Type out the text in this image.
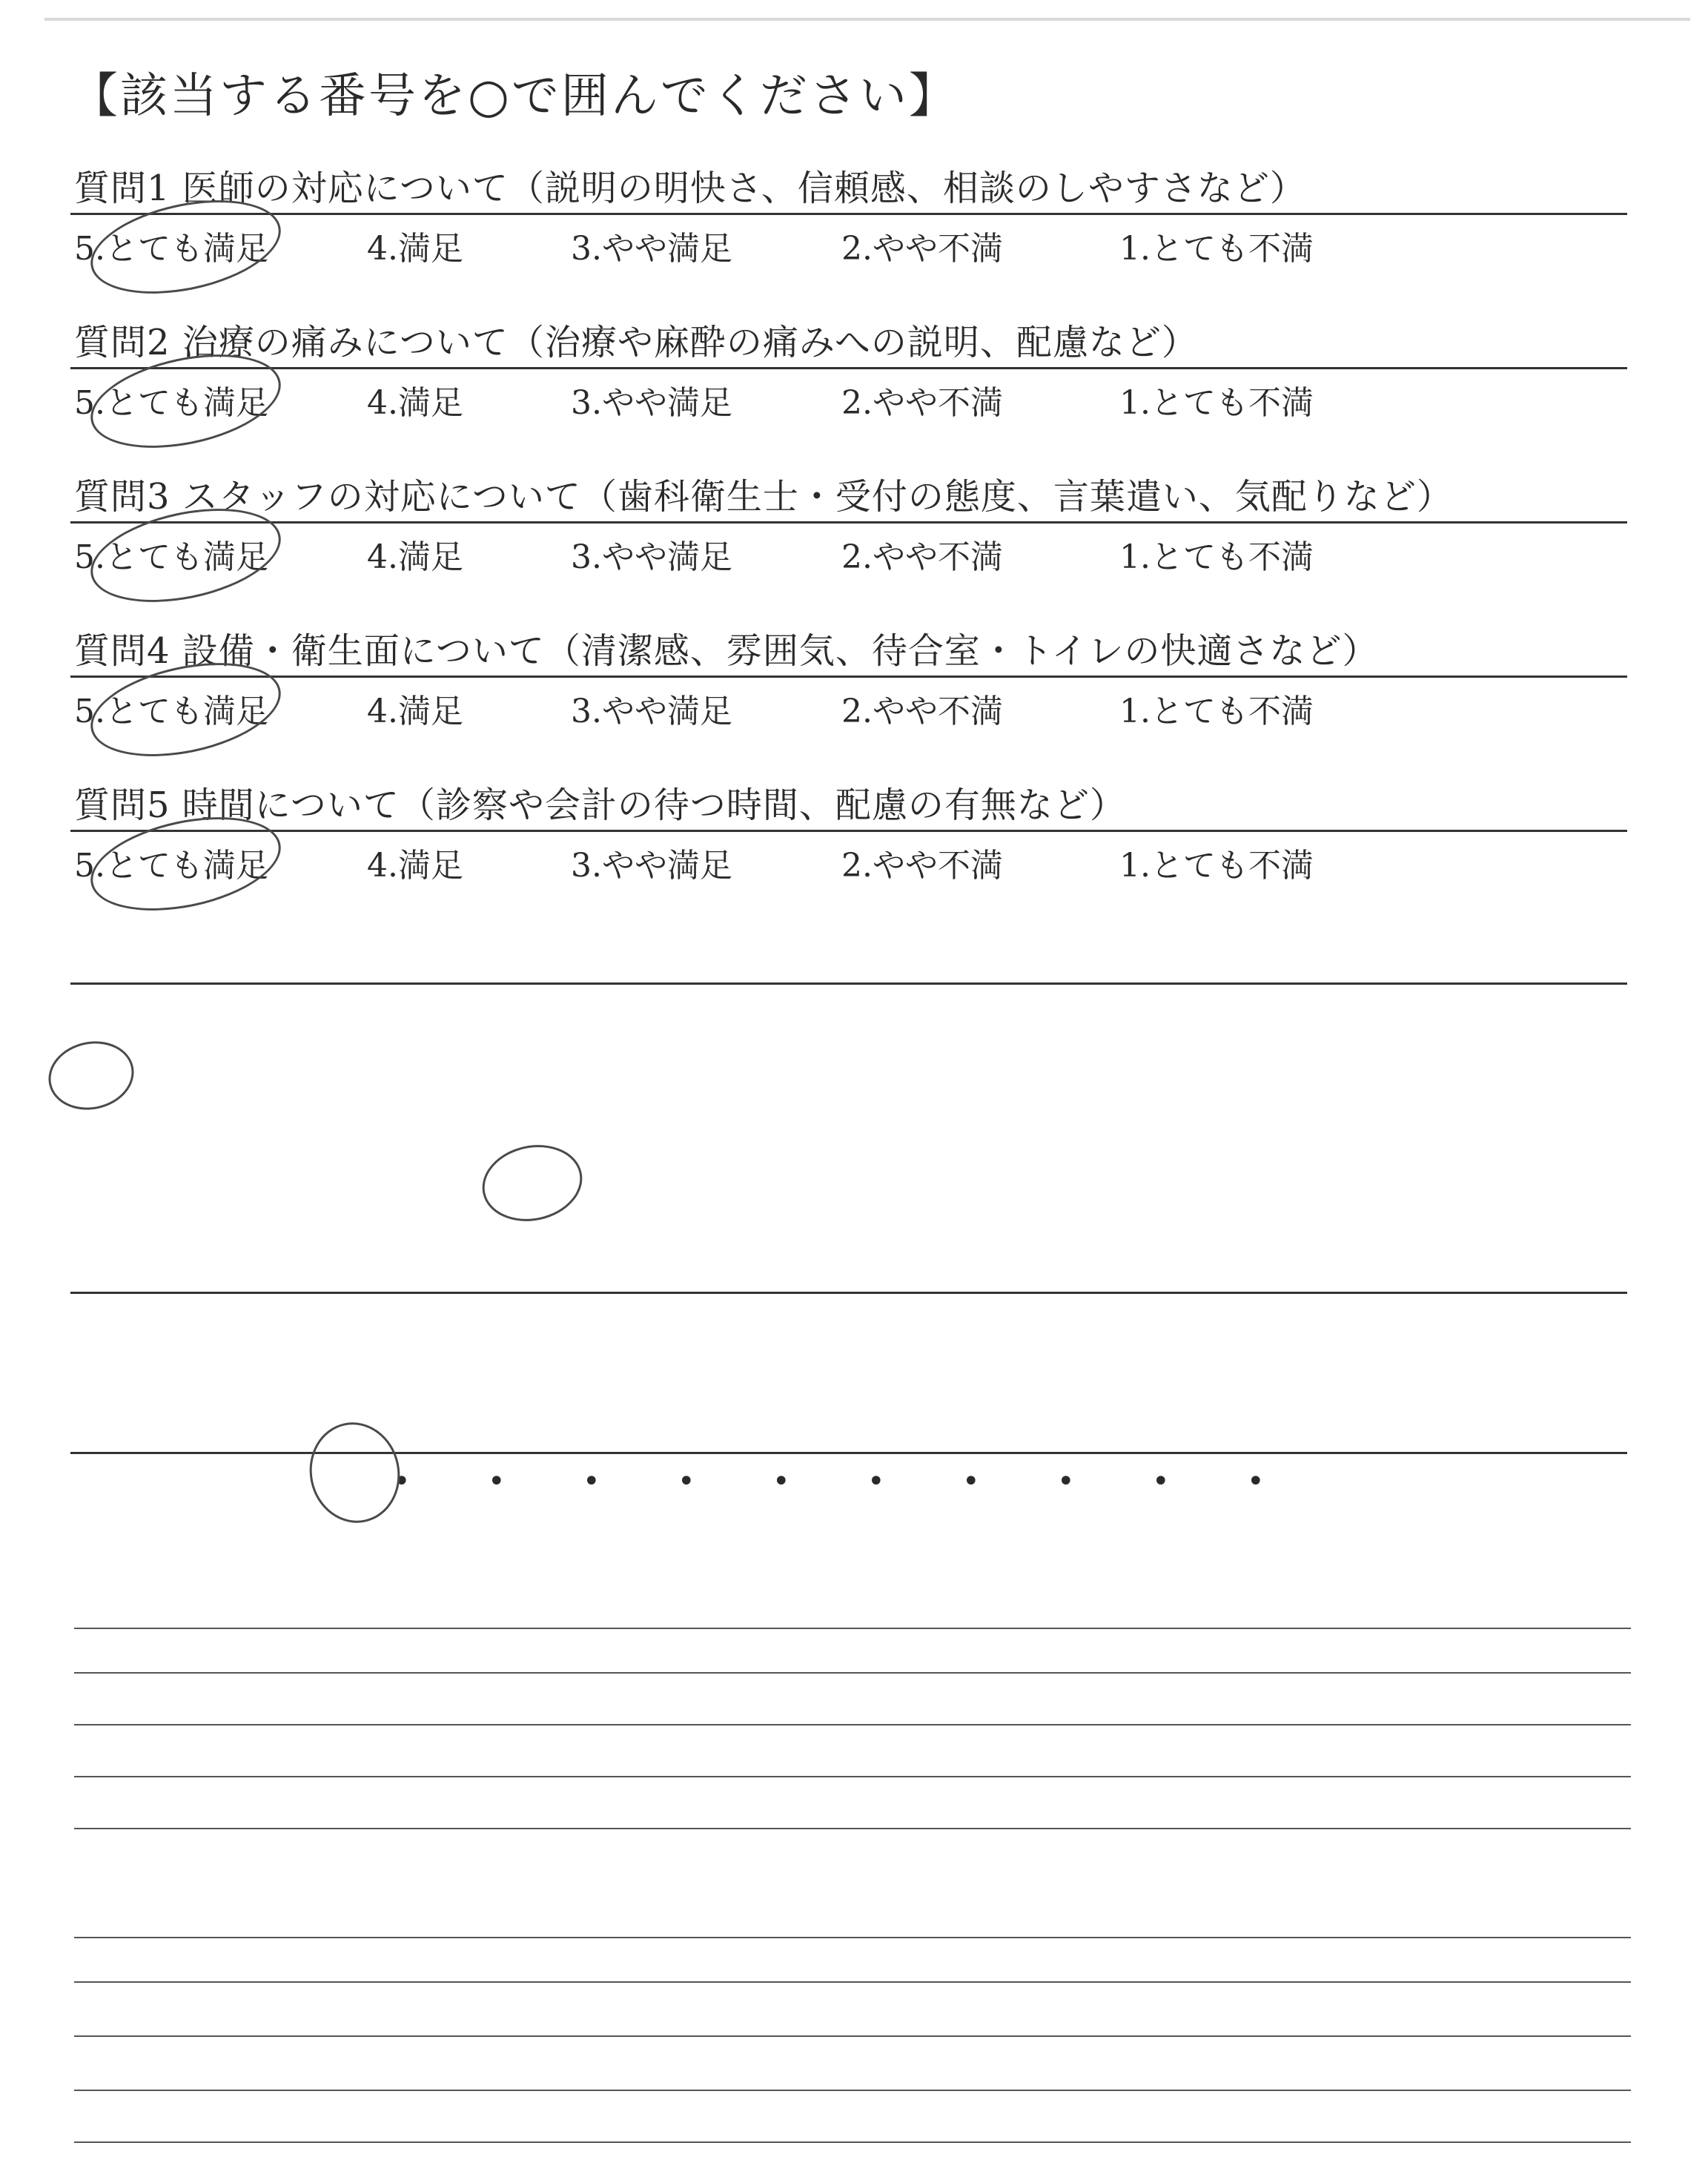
【該当する番号を○で囲んでください】
質問1 医師の対応について（説明の明快さ、信頼感、相談のしやすさなど）
5.とても満足	4.満足	3.やや満足	2.やや不満	1.とても不満
質問2 治療の痛みについて（治療や麻酔の痛みへの説明、配慮など）
5.とても満足	4.満足	3.やや満足	2.やや不満	1.とても不満
質問3 スタッフの対応について（歯科衛生士・受付の態度、言葉遣い、気配りなど）
5.とても満足	4.満足	3.やや満足	2.やや不満	1.とても不満
質問4 設備・衛生面について（清潔感、雰囲気、待合室・トイレの快適さなど）
5.とても満足	4.満足	3.やや満足	2.やや不満	1.とても不満
質問5 時間について（診察や会計の待つ時間、配慮の有無など）
5.とても満足	4.満足	3.やや満足	2.やや不満	1.とても不満
•	•	•	•	•	•	•	•	•	•
